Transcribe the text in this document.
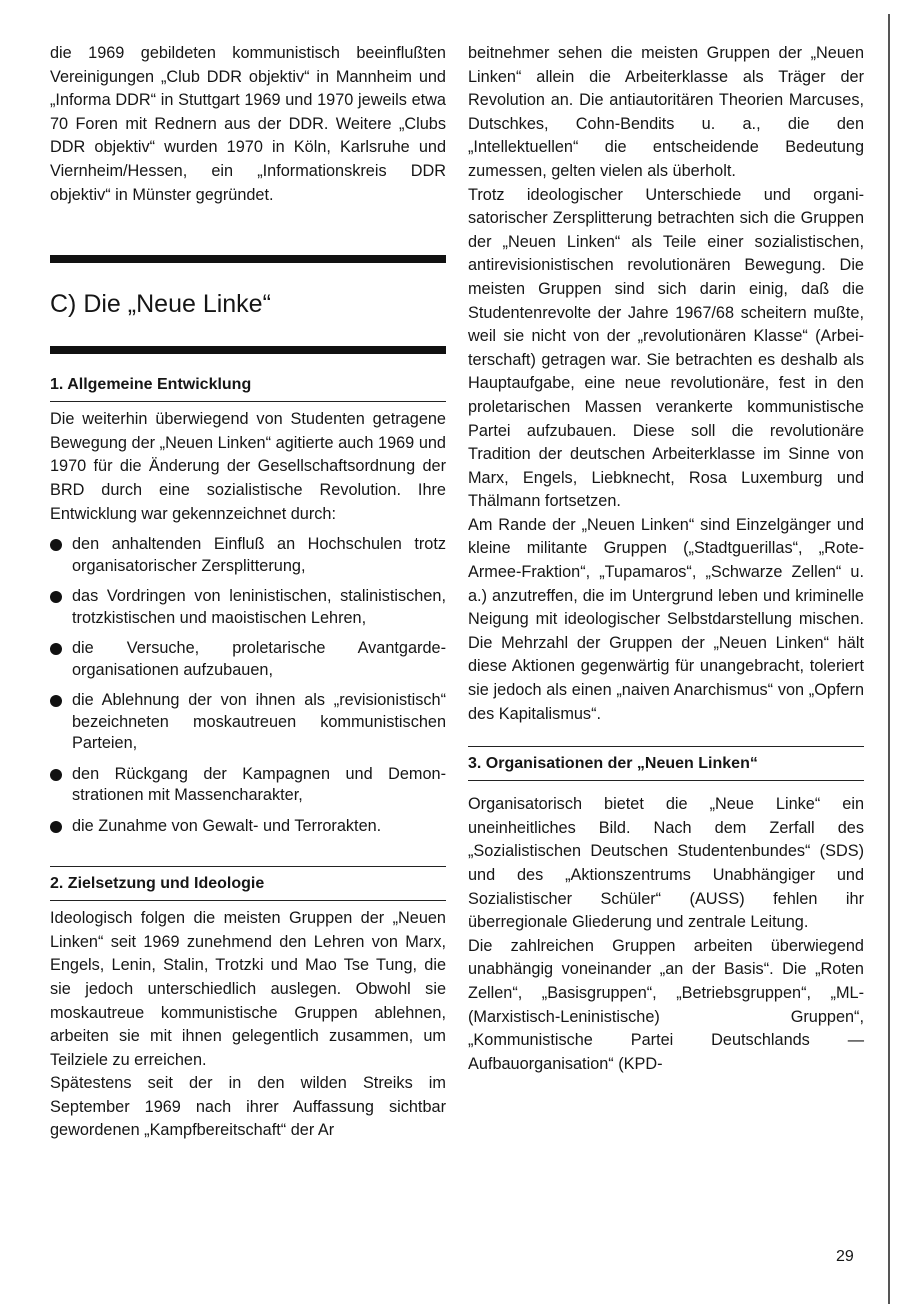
die 1969 gebildeten kommunistisch beeinflußten Vereinigungen „Club DDR objektiv“ in Mannheim und „Informa DDR“ in Stuttgart 1969 und 1970 jeweils etwa 70 Foren mit Rednern aus der DDR. Weitere „Clubs DDR objektiv“ wurden 1970 in Köln, Karlsruhe und Viernheim/Hessen, ein „Informationskreis DDR objektiv“ in Münster gegründet.

C) Die „Neue Linke“
1. Allgemeine Entwicklung

Die weiterhin überwiegend von Studenten getragene Bewegung der „Neuen Linken“ agitierte auch 1969 und 1970 für die Änderung der Gesellschaftsordnung der BRD durch eine sozialistische Revolution. Ihre Entwicklung war gekennzeichnet durch:

den anhaltenden Einfluß an Hochschulen trotz organisatorischer Zersplitterung,
das Vordringen von leninistischen, stalinistischen, trotzkistischen und maoistischen Lehren,
die Versuche, proletarische Avantgardeorganisationen aufzubauen,
die Ablehnung der von ihnen als „revisionistisch“ bezeichneten moskautreuen kommunistischen Parteien,
den Rückgang der Kampagnen und Demonstrationen mit Massencharakter,
die Zunahme von Gewalt- und Terrorakten.
2. Zielsetzung und Ideologie

Ideologisch folgen die meisten Gruppen der „Neuen Linken“ seit 1969 zunehmend den Lehren von Marx, Engels, Lenin, Stalin, Trotzki und Mao Tse Tung, die sie jedoch unterschiedlich auslegen. Obwohl sie moskautreue kommunistische Gruppen ablehnen, arbeiten sie mit ihnen gelegentlich zusammen, um Teilziele zu erreichen.

Spätestens seit der in den wilden Streiks im September 1969 nach ihrer Auffassung sichtbar gewordenen „Kampfbereitschaft“ der Ar

beitnehmer sehen die meisten Gruppen der „Neuen Linken“ allein die Arbeiterklasse als Träger der Revolution an. Die antiautoritären Theorien Marcuses, Dutschkes, Cohn-Bendits u. a., die den „Intellektuellen“ die entscheidende Bedeutung zumessen, gelten vielen als überholt.

Trotz ideologischer Unterschiede und organisatorischer Zersplitterung betrachten sich die Gruppen der „Neuen Linken“ als Teile einer sozialistischen, antirevisionistischen revolutionären Bewegung. Die meisten Gruppen sind sich darin einig, daß die Studentenrevolte der Jahre 1967/68 scheitern mußte, weil sie nicht von der „revolutionären Klasse“ (Arbeiterschaft) getragen war. Sie betrachten es deshalb als Hauptaufgabe, eine neue revolutionäre, fest in den proletarischen Massen verankerte kommunistische Partei aufzubauen. Diese soll die revolutionäre Tradition der deutschen Arbeiterklasse im Sinne von Marx, Engels, Liebknecht, Rosa Luxemburg und Thälmann fortsetzen.

Am Rande der „Neuen Linken“ sind Einzelgänger und kleine militante Gruppen („Stadtguerillas“, „Rote-Armee-Fraktion“, „Tupamaros“, „Schwarze Zellen“ u. a.) anzutreffen, die im Untergrund leben und kriminelle Neigung mit ideologischer Selbstdarstellung mischen. Die Mehrzahl der Gruppen der „Neuen Linken“ hält diese Aktionen gegenwärtig für unangebracht, toleriert sie jedoch als einen „naiven Anarchismus“ von „Opfern des Kapitalismus“.

3. Organisationen der „Neuen Linken“

Organisatorisch bietet die „Neue Linke“ ein uneinheitliches Bild. Nach dem Zerfall des „Sozialistischen Deutschen Studentenbundes“ (SDS) und des „Aktionszentrums Unabhängiger und Sozialistischer Schüler“ (AUSS) fehlen ihr überregionale Gliederung und zentrale Leitung.

Die zahlreichen Gruppen arbeiten überwiegend unabhängig voneinander „an der Basis“. Die „Roten Zellen“, „Basisgruppen“, „Betriebsgruppen“, „ML-(Marxistisch-Leninistische) Gruppen“, „Kommunistische Partei Deutschlands — Aufbauorganisation“ (KPD-

29
